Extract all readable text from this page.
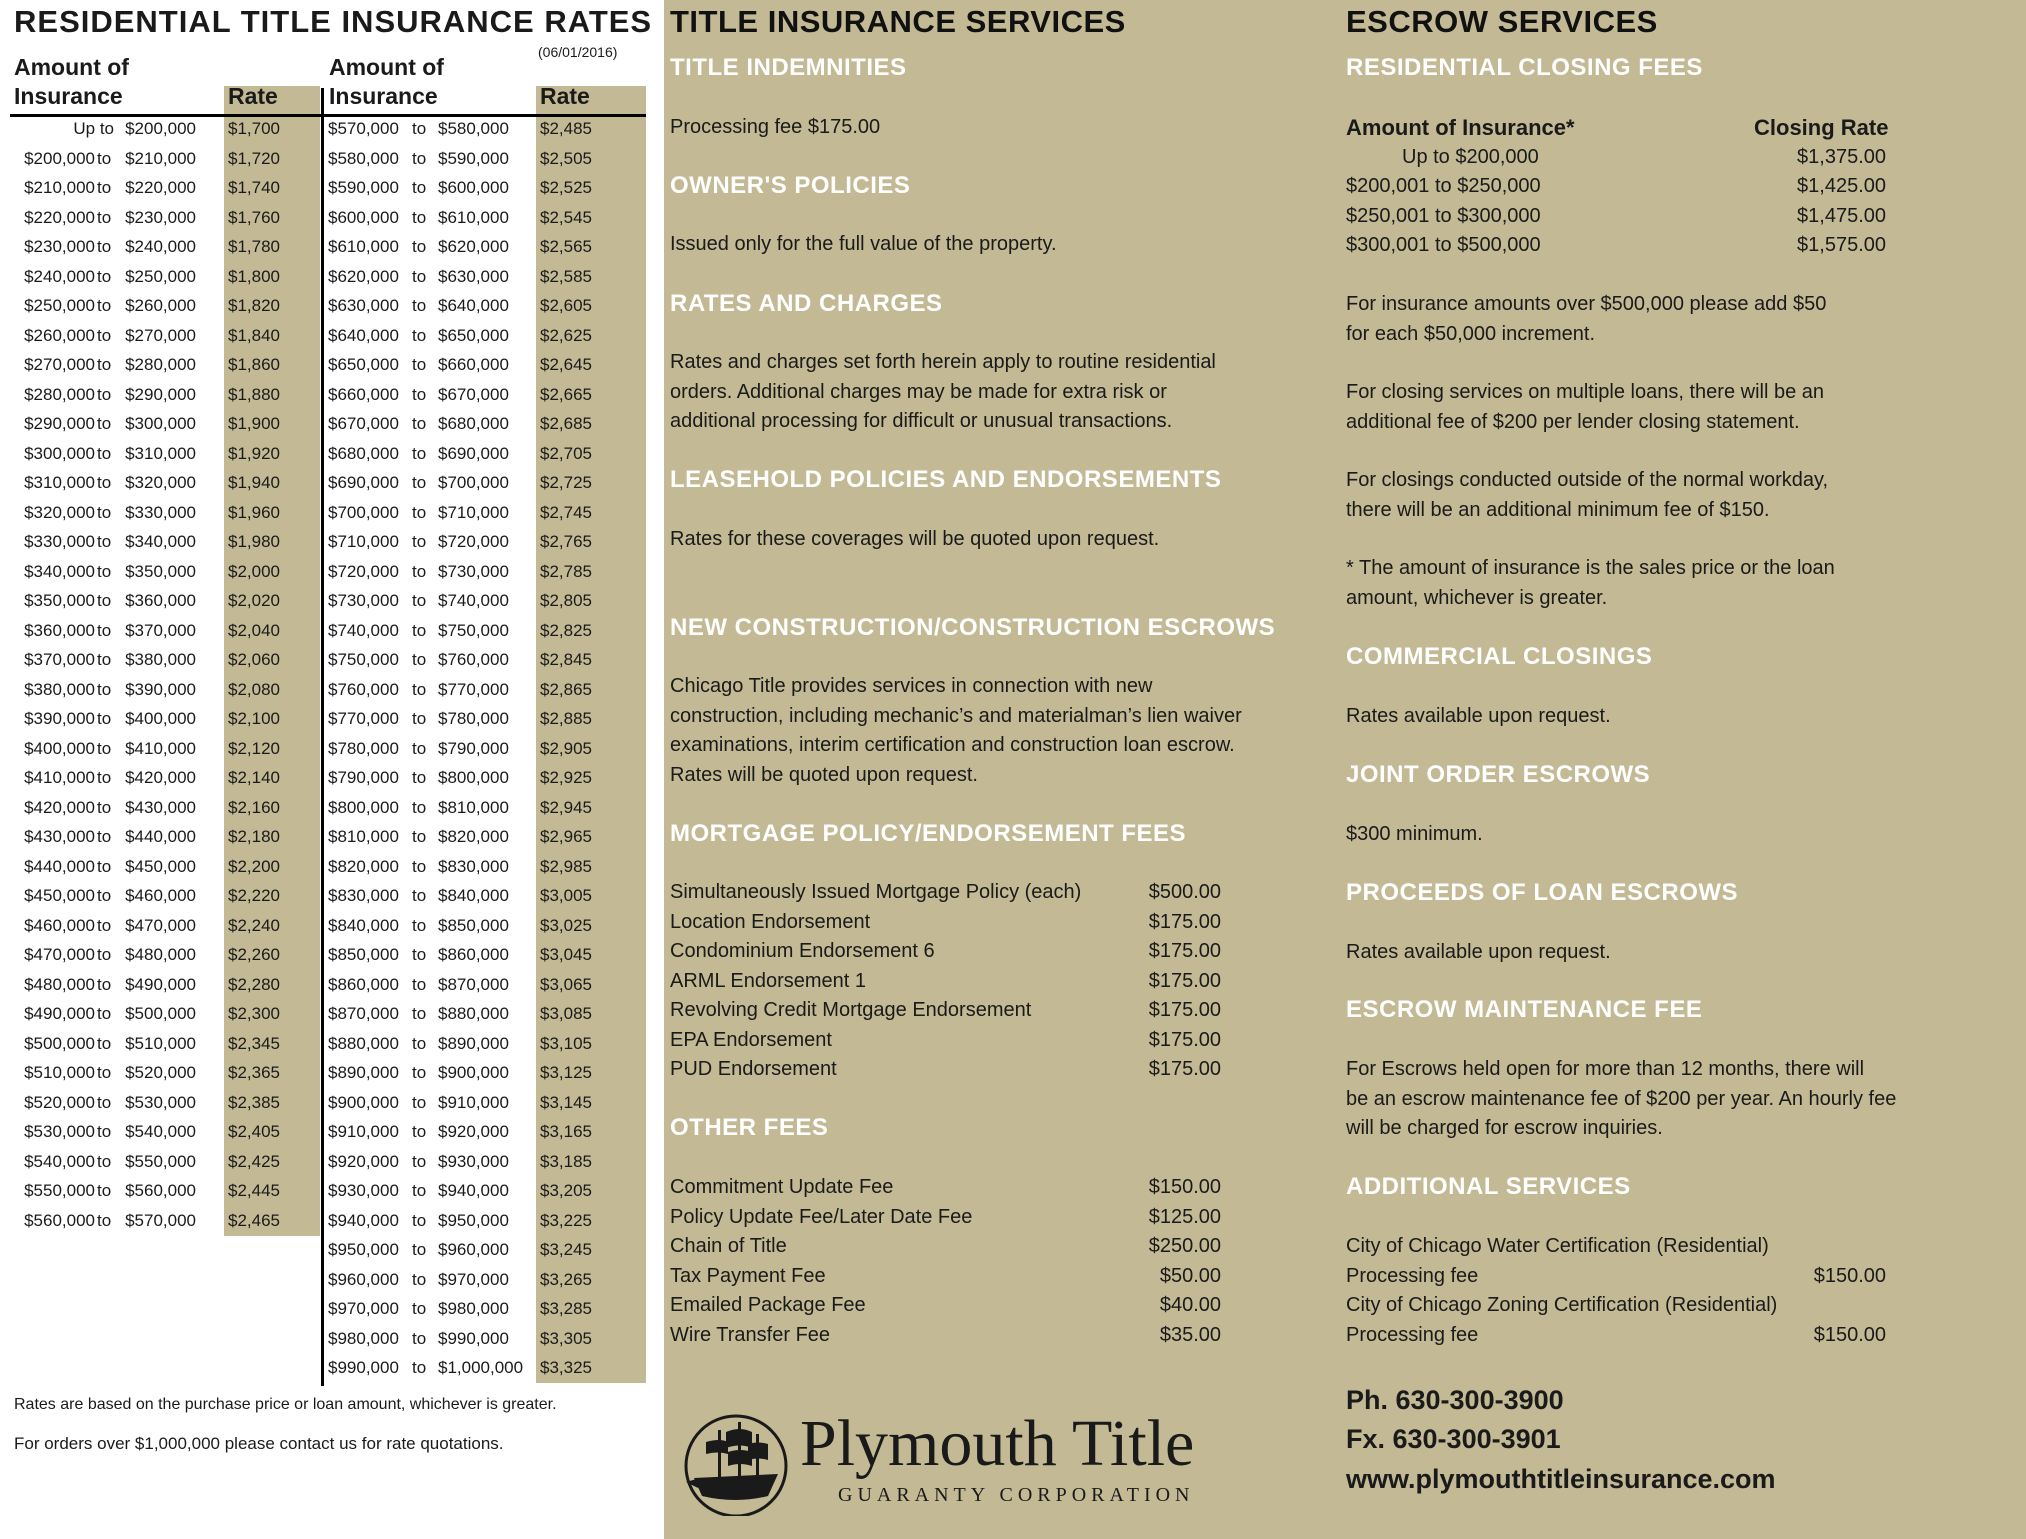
RESIDENTIAL TITLE INSURANCE RATES
(06/01/2016)
Amount of Insurance	Rate
Amount of Insurance	Rate
Up to $200,000 $1,700
$200,000 to $210,000 $1,720
$210,000 to $220,000 $1,740
$220,000 to $230,000 $1,760
$230,000 to $240,000 $1,780
$240,000 to $250,000 $1,800
$250,000 to $260,000 $1,820
$260,000 to $270,000 $1,840
$270,000 to $280,000 $1,860
$280,000 to $290,000 $1,880
$290,000 to $300,000 $1,900
$300,000 to $310,000 $1,920
$310,000 to $320,000 $1,940
$320,000 to $330,000 $1,960
$330,000 to $340,000 $1,980
$340,000 to $350,000 $2,000
$350,000 to $360,000 $2,020
$360,000 to $370,000 $2,040
$370,000 to $380,000 $2,060
$380,000 to $390,000 $2,080
$390,000 to $400,000 $2,100
$400,000 to $410,000 $2,120
$410,000 to $420,000 $2,140
$420,000 to $430,000 $2,160
$430,000 to $440,000 $2,180
$440,000 to $450,000 $2,200
$450,000 to $460,000 $2,220
$460,000 to $470,000 $2,240
$470,000 to $480,000 $2,260
$480,000 to $490,000 $2,280
$490,000 to $500,000 $2,300
$500,000 to $510,000 $2,345
$510,000 to $520,000 $2,365
$520,000 to $530,000 $2,385
$530,000 to $540,000 $2,405
$540,000 to $550,000 $2,425
$550,000 to $560,000 $2,445
$560,000 to $570,000 $2,465
$570,000 to $580,000	$2,485
$580,000 to $590,000	$2,505
$590,000 to $600,000	$2,525
$600,000 to $610,000	$2,545
$610,000 to $620,000	$2,565
$620,000 to $630,000	$2,585
$630,000 to $640,000	$2,605
$640,000 to $650,000	$2,625
$650,000 to $660,000	$2,645
$660,000 to $670,000	$2,665
$670,000 to $680,000	$2,685
$680,000 to $690,000	$2,705
$690,000 to $700,000	$2,725
$700,000 to $710,000	$2,745
$710,000 to $720,000	$2,765
$720,000 to $730,000	$2,785
$730,000 to $740,000	$2,805
$740,000 to $750,000	$2,825
$750,000 to $760,000	$2,845
$760,000 to $770,000	$2,865
$770,000 to $780,000	$2,885
$780,000 to $790,000	$2,905
$790,000 to $800,000	$2,925
$800,000 to $810,000	$2,945
$810,000 to $820,000	$2,965
$820,000 to $830,000	$2,985
$830,000 to $840,000	$3,005
$840,000 to $850,000	$3,025
$850,000 to $860,000	$3,045
$860,000 to $870,000	$3,065
$870,000 to $880,000	$3,085
$880,000 to $890,000	$3,105
$890,000 to $900,000	$3,125
$900,000 to $910,000	$3,145
$910,000 to $920,000	$3,165
$920,000 to $930,000	$3,185
$930,000 to $940,000	$3,205
$940,000 to $950,000	$3,225
$950,000 to $960,000	$3,245
$960,000 to $970,000	$3,265
$970,000 to $980,000	$3,285
$980,000 to $990,000	$3,305
$990,000 to $1,000,000 $3,325
Rates are based on the purchase price or loan amount, whichever is greater.
For orders over $1,000,000 please contact us for rate quotations.
TITLE INSURANCE SERVICES
TITLE INDEMNITIES
Processing fee $175.00
OWNER'S POLICIES
Issued only for the full value of the property.
RATES AND CHARGES
Rates and charges set forth herein apply to routine residential
orders. Additional charges may be made for extra risk or
additional processing for difficult or unusual transactions.
LEASEHOLD POLICIES AND ENDORSEMENTS
Rates for these coverages will be quoted upon request.
NEW CONSTRUCTION/CONSTRUCTION ESCROWS
Chicago Title provides services in connection with new
construction, including mechanic’s and materialman’s lien waiver
examinations, interim certification and construction loan escrow.
Rates will be quoted upon request.
MORTGAGE POLICY/ENDORSEMENT FEES
Simultaneously Issued Mortgage Policy (each)	$500.00
Location Endorsement	$175.00
Condominium Endorsement 6	$175.00
ARML Endorsement 1	$175.00
Revolving Credit Mortgage Endorsement	$175.00
EPA Endorsement	$175.00
PUD Endorsement	$175.00
OTHER FEES
Commitment Update Fee	$150.00
Policy Update Fee/Later Date Fee	$125.00
Chain of Title	$250.00
Tax Payment Fee	$50.00
Emailed Package Fee	$40.00
Wire Transfer Fee	$35.00
Plymouth Title
GUARANTY CORPORATION
ESCROW SERVICES
RESIDENTIAL CLOSING FEES
Amount of Insurance*	Closing Rate
Up to $200,000	$1,375.00
$200,001 to $250,000	$1,425.00
$250,001 to $300,000	$1,475.00
$300,001 to $500,000	$1,575.00
For insurance amounts over $500,000 please add $50
for each $50,000 increment.
For closing services on multiple loans, there will be an
additional fee of $200 per lender closing statement.
For closings conducted outside of the normal workday,
there will be an additional minimum fee of $150.
* The amount of insurance is the sales price or the loan
amount, whichever is greater.
COMMERCIAL CLOSINGS
Rates available upon request.
JOINT ORDER ESCROWS
$300 minimum.
PROCEEDS OF LOAN ESCROWS
Rates available upon request.
ESCROW MAINTENANCE FEE
For Escrows held open for more than 12 months, there will
be an escrow maintenance fee of $200 per year. An hourly fee
will be charged for escrow inquiries.
ADDITIONAL SERVICES
City of Chicago Water Certification (Residential)
Processing fee	$150.00
City of Chicago Zoning Certification (Residential)
Processing fee	$150.00
Ph. 630-300-3900
Fx. 630-300-3901
www.plymouthtitleinsurance.com
